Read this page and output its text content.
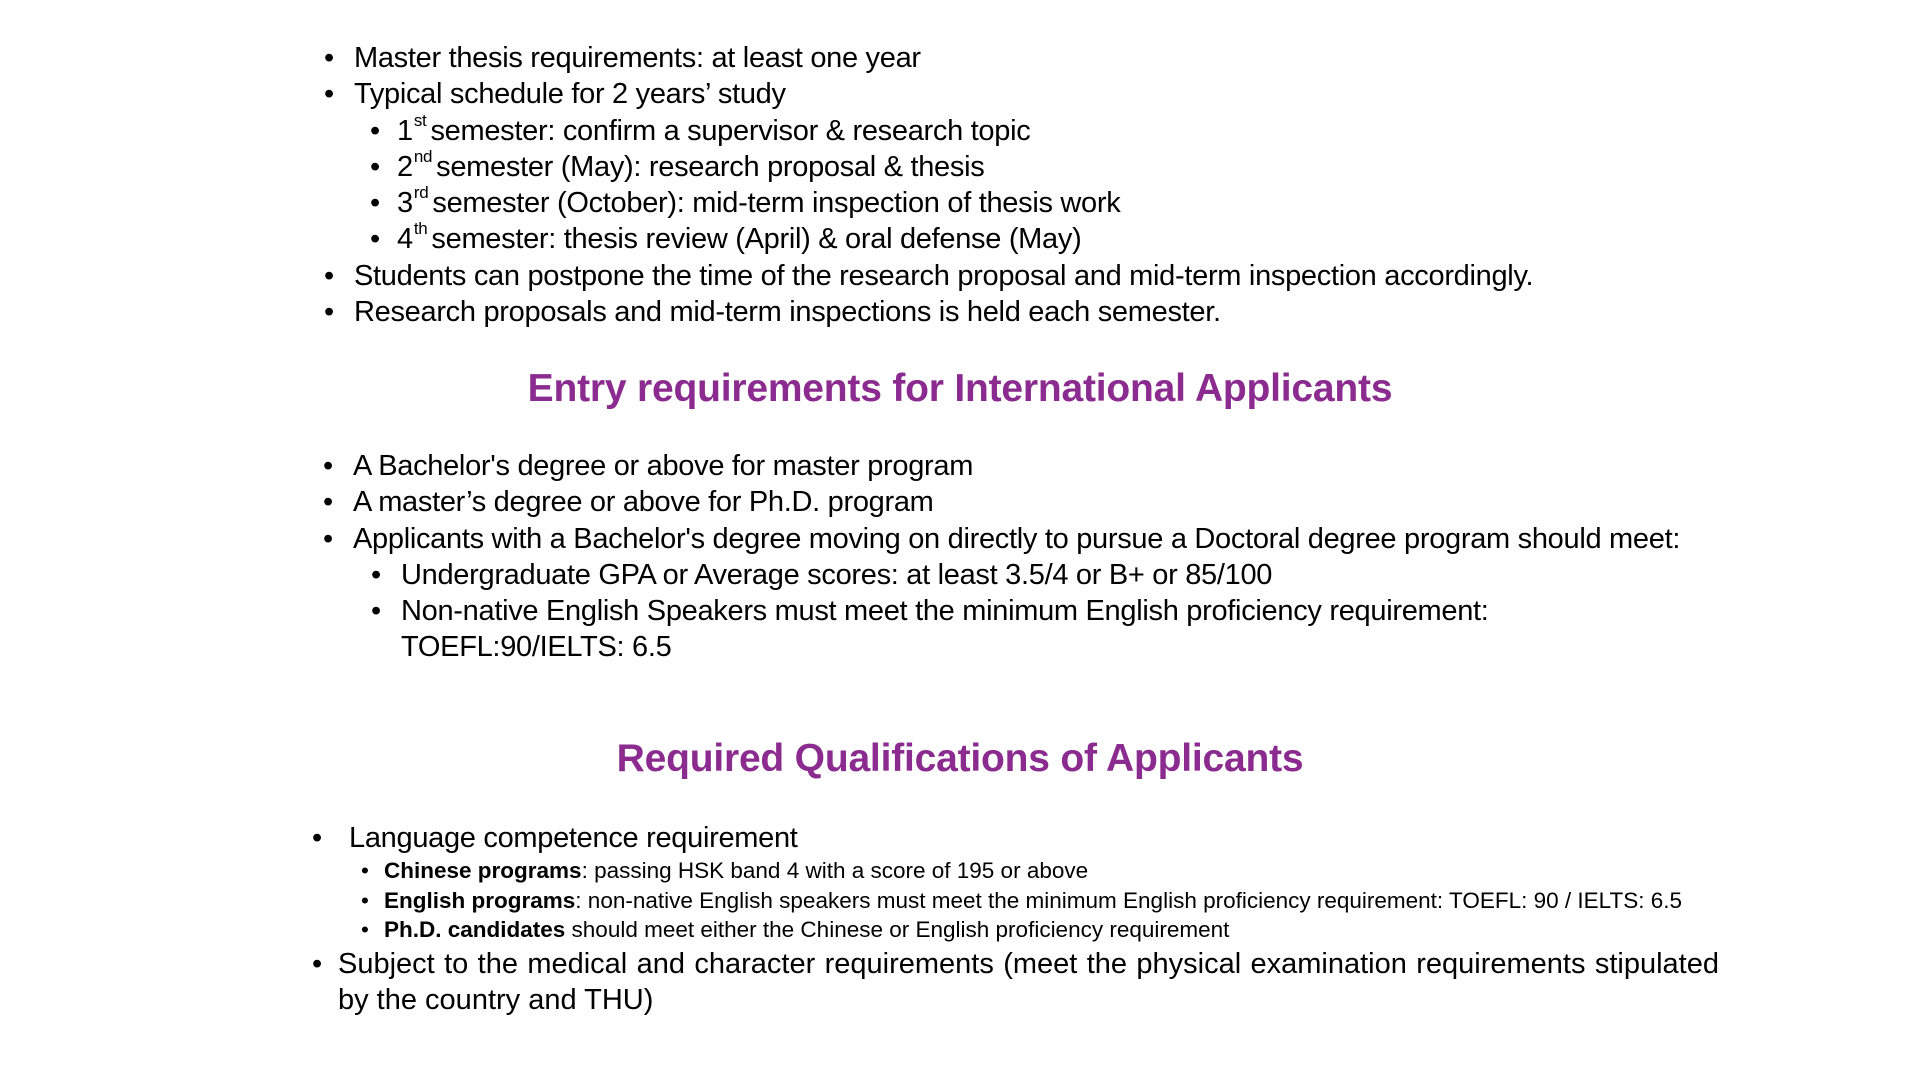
• Master thesis requirements: at least one year
• Typical schedule for 2 years’ study
• 1st semester: confirm a supervisor & research topic
• 2nd semester (May): research proposal & thesis
• 3rd semester (October): mid-term inspection of thesis work
• 4th semester: thesis review (April) & oral defense (May)
• Students can postpone the time of the research proposal and mid-term inspection accordingly.
• Research proposals and mid-term inspections is held each semester.
Entry requirements for International Applicants
• A Bachelor's degree or above for master program
• A master’s degree or above for Ph.D. program
• Applicants with a Bachelor's degree moving on directly to pursue a Doctoral degree program should meet:
• Undergraduate GPA or Average scores: at least 3.5/4 or B+ or 85/100
• Non-native English Speakers must meet the minimum English proficiency requirement: TOEFL:90/IELTS: 6.5
Required Qualifications of Applicants
• Language competence requirement
• Chinese programs: passing HSK band 4 with a score of 195 or above
• English programs: non-native English speakers must meet the minimum English proficiency requirement: TOEFL: 90 / IELTS: 6.5
• Ph.D. candidates should meet either the Chinese or English proficiency requirement
• Subject to the medical and character requirements (meet the physical examination requirements stipulated by the country and THU)
